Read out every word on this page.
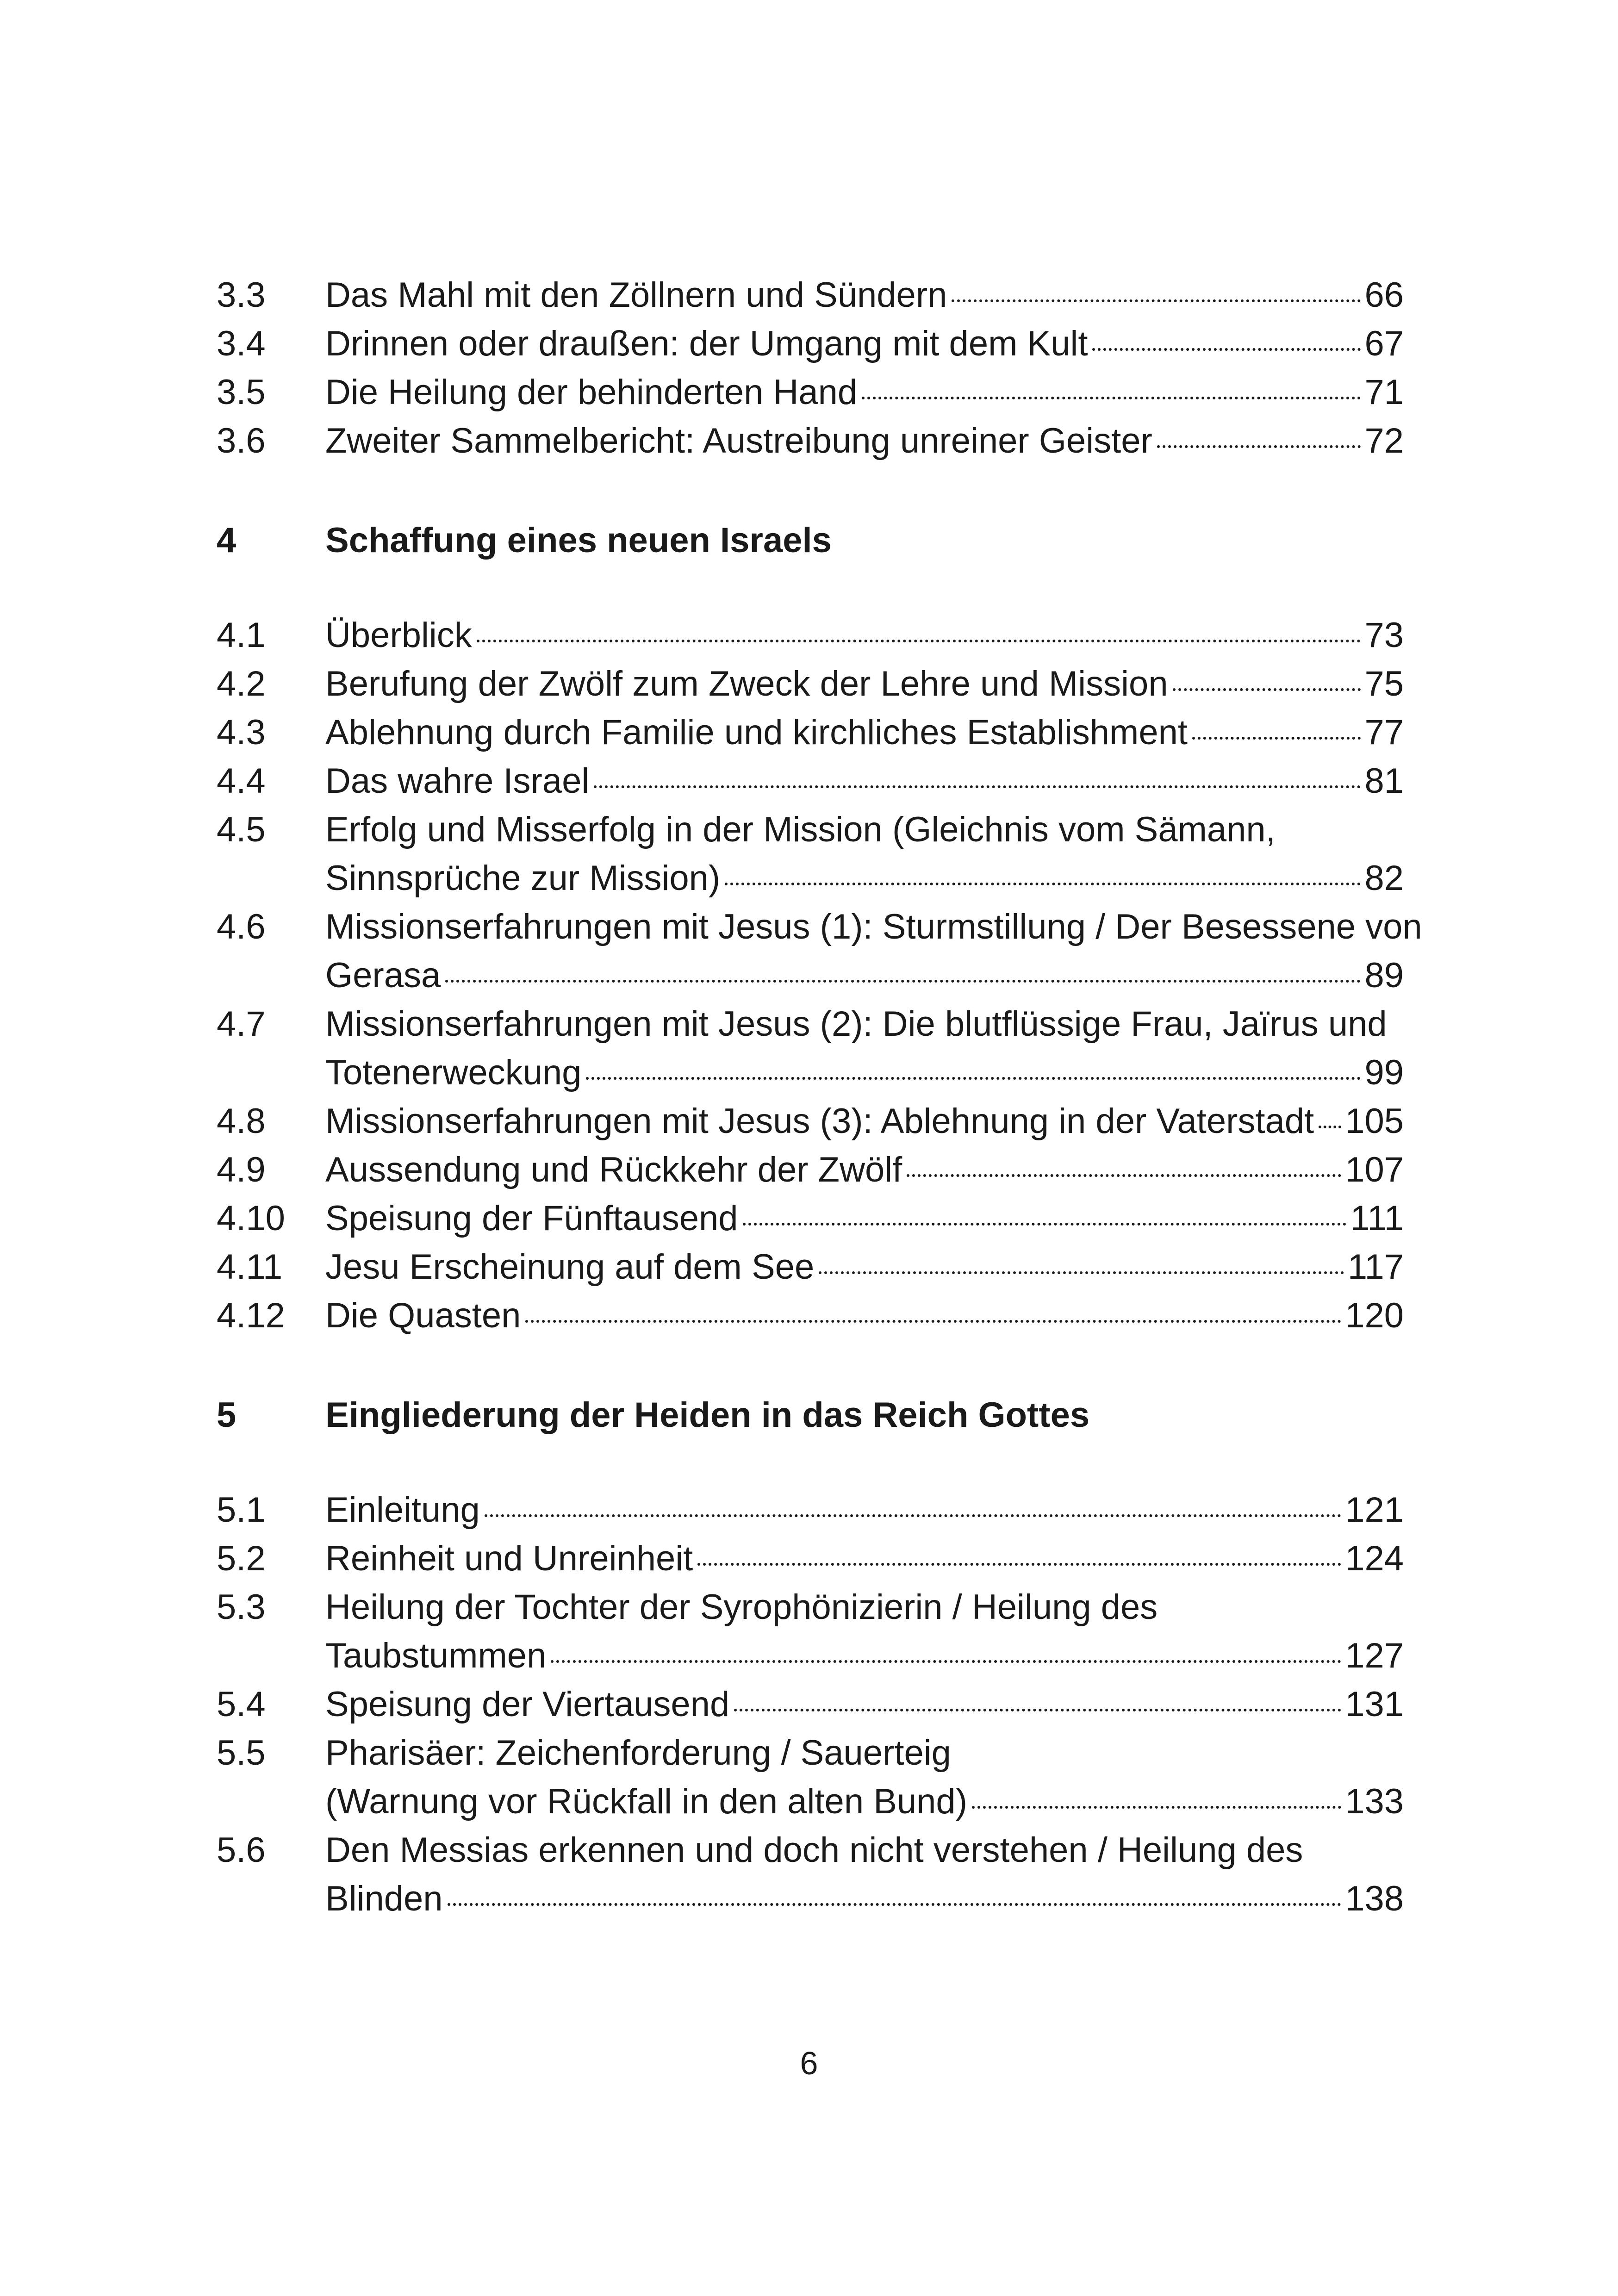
3.3	Das Mahl mit den Zöllnern und Sündern	66
3.4	Drinnen oder draußen: der Umgang mit dem Kult	67
3.5	Die Heilung der behinderten Hand	71
3.6	Zweiter Sammelbericht: Austreibung unreiner Geister	72
4	Schaffung eines neuen Israels
4.1	Überblick	73
4.2	Berufung der Zwölf zum Zweck der Lehre und Mission	75
4.3	Ablehnung durch Familie und kirchliches Establishment	77
4.4	Das wahre Israel	81
4.5	Erfolg und Misserfolg in der Mission (Gleichnis vom Sämann,
Sinnsprüche zur Mission)	82
4.6	Missionserfahrungen mit Jesus (1): Sturmstillung / Der Besessene von
Gerasa	89
4.7	Missionserfahrungen mit Jesus (2): Die blutflüssige Frau, Jaïrus und
Totenerweckung	99
4.8	Missionserfahrungen mit Jesus (3): Ablehnung in der Vaterstadt 105
4.9	Aussendung und Rückkehr der Zwölf	107
4.10	Speisung der Fünftausend	111
4.11	Jesu Erscheinung auf dem See	117
4.12	Die Quasten	120
5	Eingliederung der Heiden in das Reich Gottes
5.1	Einleitung	121
5.2	Reinheit und Unreinheit	124
5.3	Heilung der Tochter der Syrophönizierin / Heilung des
Taubstummen	127
5.4	Speisung der Viertausend	131
5.5	Pharisäer: Zeichenforderung / Sauerteig
(Warnung vor Rückfall in den alten Bund)	133
5.6	Den Messias erkennen und doch nicht verstehen / Heilung des
Blinden	138
6
